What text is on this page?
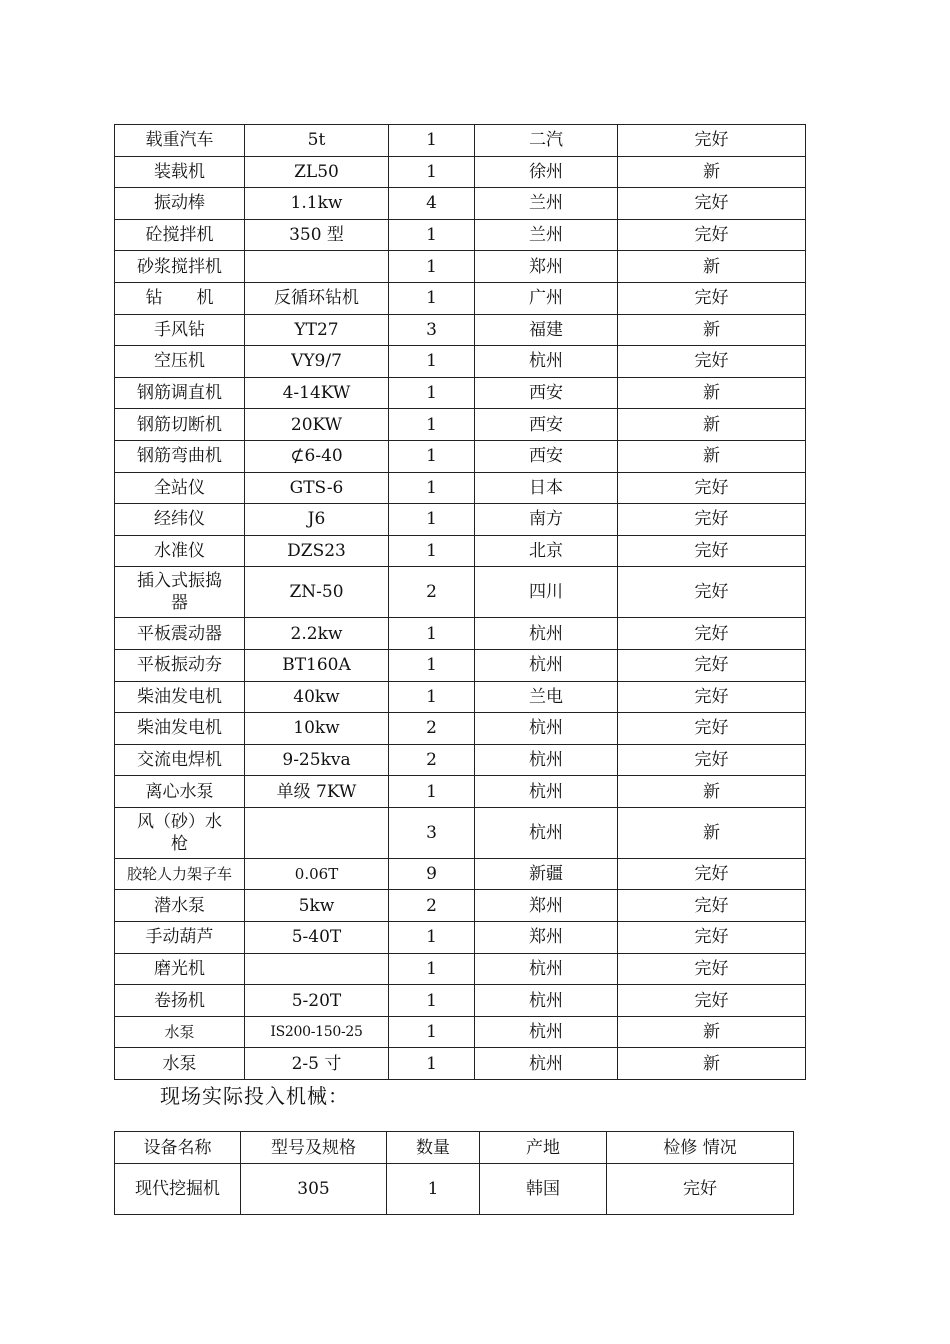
载重汽车	5t	1	二汽	完好
装载机	ZL50	1	徐州	新
振动棒	1.1kw	4	兰州	完好
砼搅拌机	350 型	1	兰州	完好
砂浆搅拌机		1	郑州	新
钻　　机	反循环钻机	1	广州	完好
手风钻	YT27	3	福建	新
空压机	VY9/7	1	杭州	完好
钢筋调直机	4-14KW	1	西安	新
钢筋切断机	20KW	1	西安	新
钢筋弯曲机	⊄6-40	1	西安	新
全站仪	GTS-6	1	日本	完好
经纬仪	J6	1	南方	完好
水准仪	DZS23	1	北京	完好
插入式振捣器	ZN-50	2	四川	完好
平板震动器	2.2kw	1	杭州	完好
平板振动夯	BT160A	1	杭州	完好
柴油发电机	40kw	1	兰电	完好
柴油发电机	10kw	2	杭州	完好
交流电焊机	9-25kva	2	杭州	完好
离心水泵	单级 7KW	1	杭州	新
风（砂）水枪		3	杭州	新
胶轮人力架子车	0.06T	9	新疆	完好
潜水泵	5kw	2	郑州	完好
手动葫芦	5-40T	1	郑州	完好
磨光机		1	杭州	完好
卷扬机	5-20T	1	杭州	完好
水泵	IS200-150-25	1	杭州	新
水泵	2-5 寸	1	杭州	新
现场实际投入机械：
设备名称	型号及规格	数量	产地	检修 情况
现代挖掘机	305	1	韩国	完好
